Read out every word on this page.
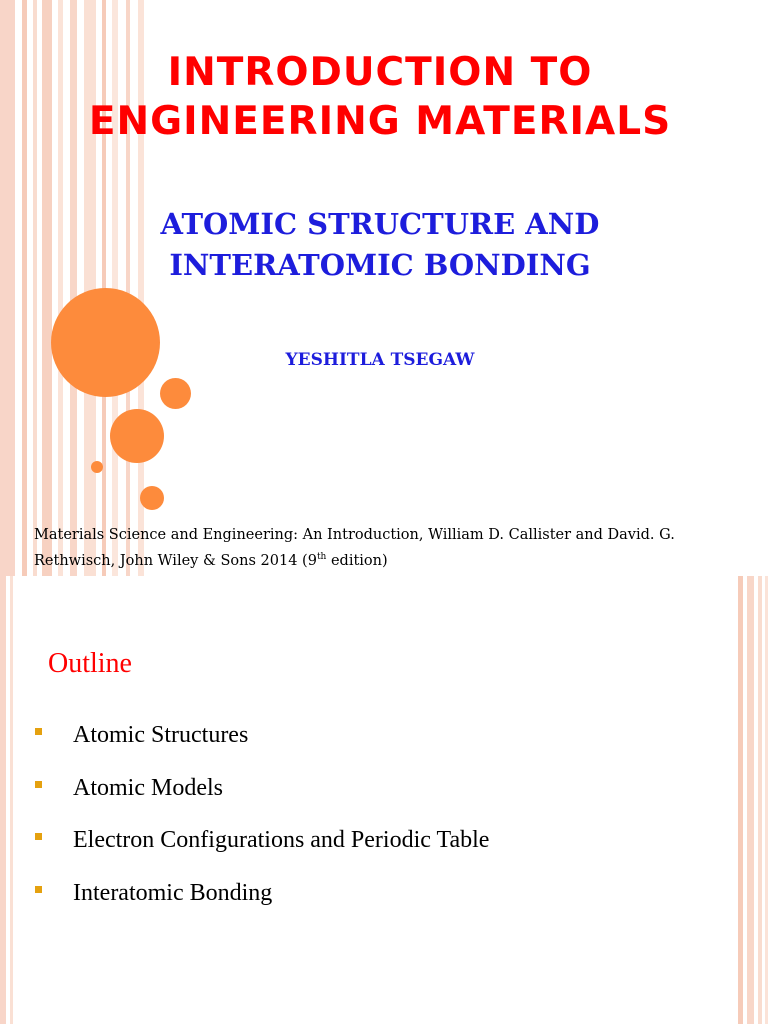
INTRODUCTION TO ENGINEERING MATERIALS
ATOMIC STRUCTURE AND INTERATOMIC BONDING
YESHITLA TSEGAW

Materials Science and Engineering: An Introduction, William D. Callister and David. G. Rethwisch, John Wiley & Sons 2014 (9th edition)

Outline
Atomic Structures
Atomic Models
Electron Configurations and Periodic Table
Interatomic Bonding
